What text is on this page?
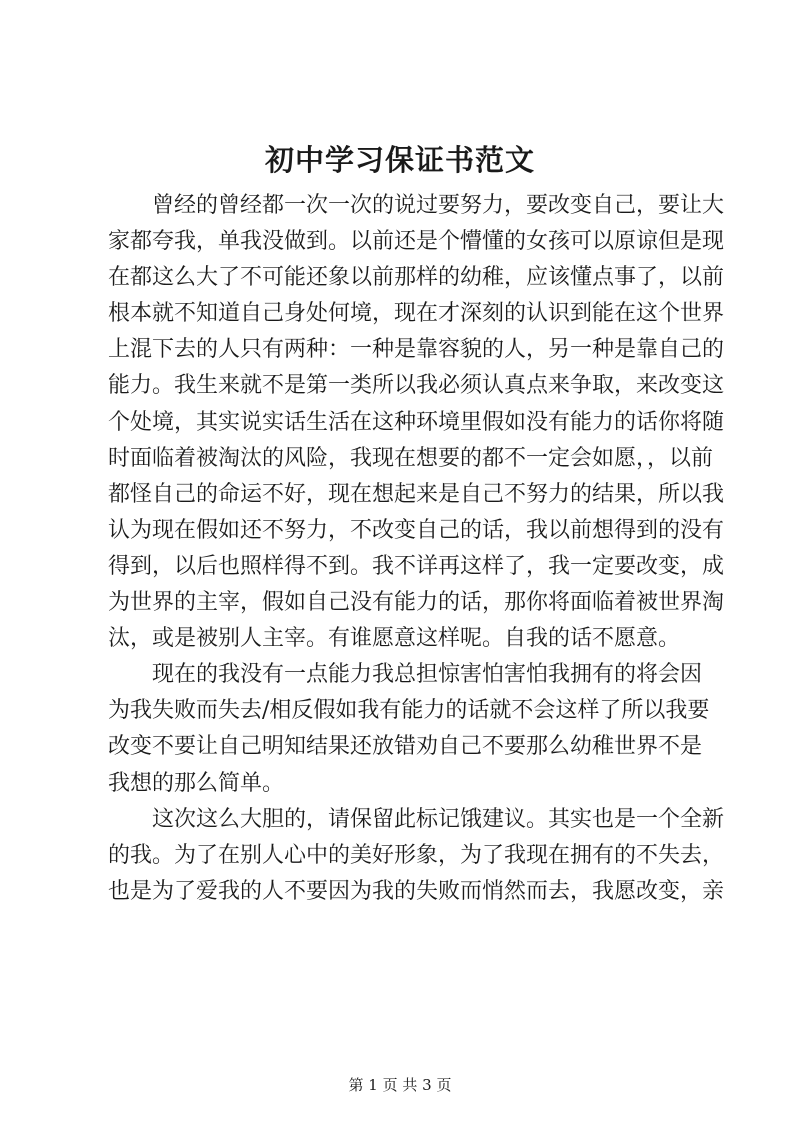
初中学习保证书范文
曾经的曾经都一次一次的说过要努力，要改变自己，要让大
家都夸我，单我没做到。以前还是个懵懂的女孩可以原谅但是现
在都这么大了不可能还象以前那样的幼稚，应该懂点事了，以前
根本就不知道自己身处何境，现在才深刻的认识到能在这个世界
上混下去的人只有两种：一种是靠容貌的人，另一种是靠自己的
能力。我生来就不是第一类所以我必须认真点来争取，来改变这
个处境，其实说实话生活在这种环境里假如没有能力的话你将随
时面临着被淘汰的风险，我现在想要的都不一定会如愿，，以前
都怪自己的命运不好，现在想起来是自己不努力的结果，所以我
认为现在假如还不努力，不改变自己的话，我以前想得到的没有
得到，以后也照样得不到。我不详再这样了，我一定要改变，成
为世界的主宰，假如自己没有能力的话，那你将面临着被世界淘
汰，或是被别人主宰。有谁愿意这样呢。自我的话不愿意。
现在的我没有一点能力我总担惊害怕害怕我拥有的将会因
为我失败而失去/相反假如我有能力的话就不会这样了所以我要
改变不要让自己明知结果还放错劝自己不要那么幼稚世界不是
我想的那么简单。
这次这么大胆的，请保留此标记饿建议。其实也是一个全新
的我。为了在别人心中的美好形象，为了我现在拥有的不失去，
也是为了爱我的人不要因为我的失败而悄然而去，我愿改变，亲
第 1 页 共 3 页
